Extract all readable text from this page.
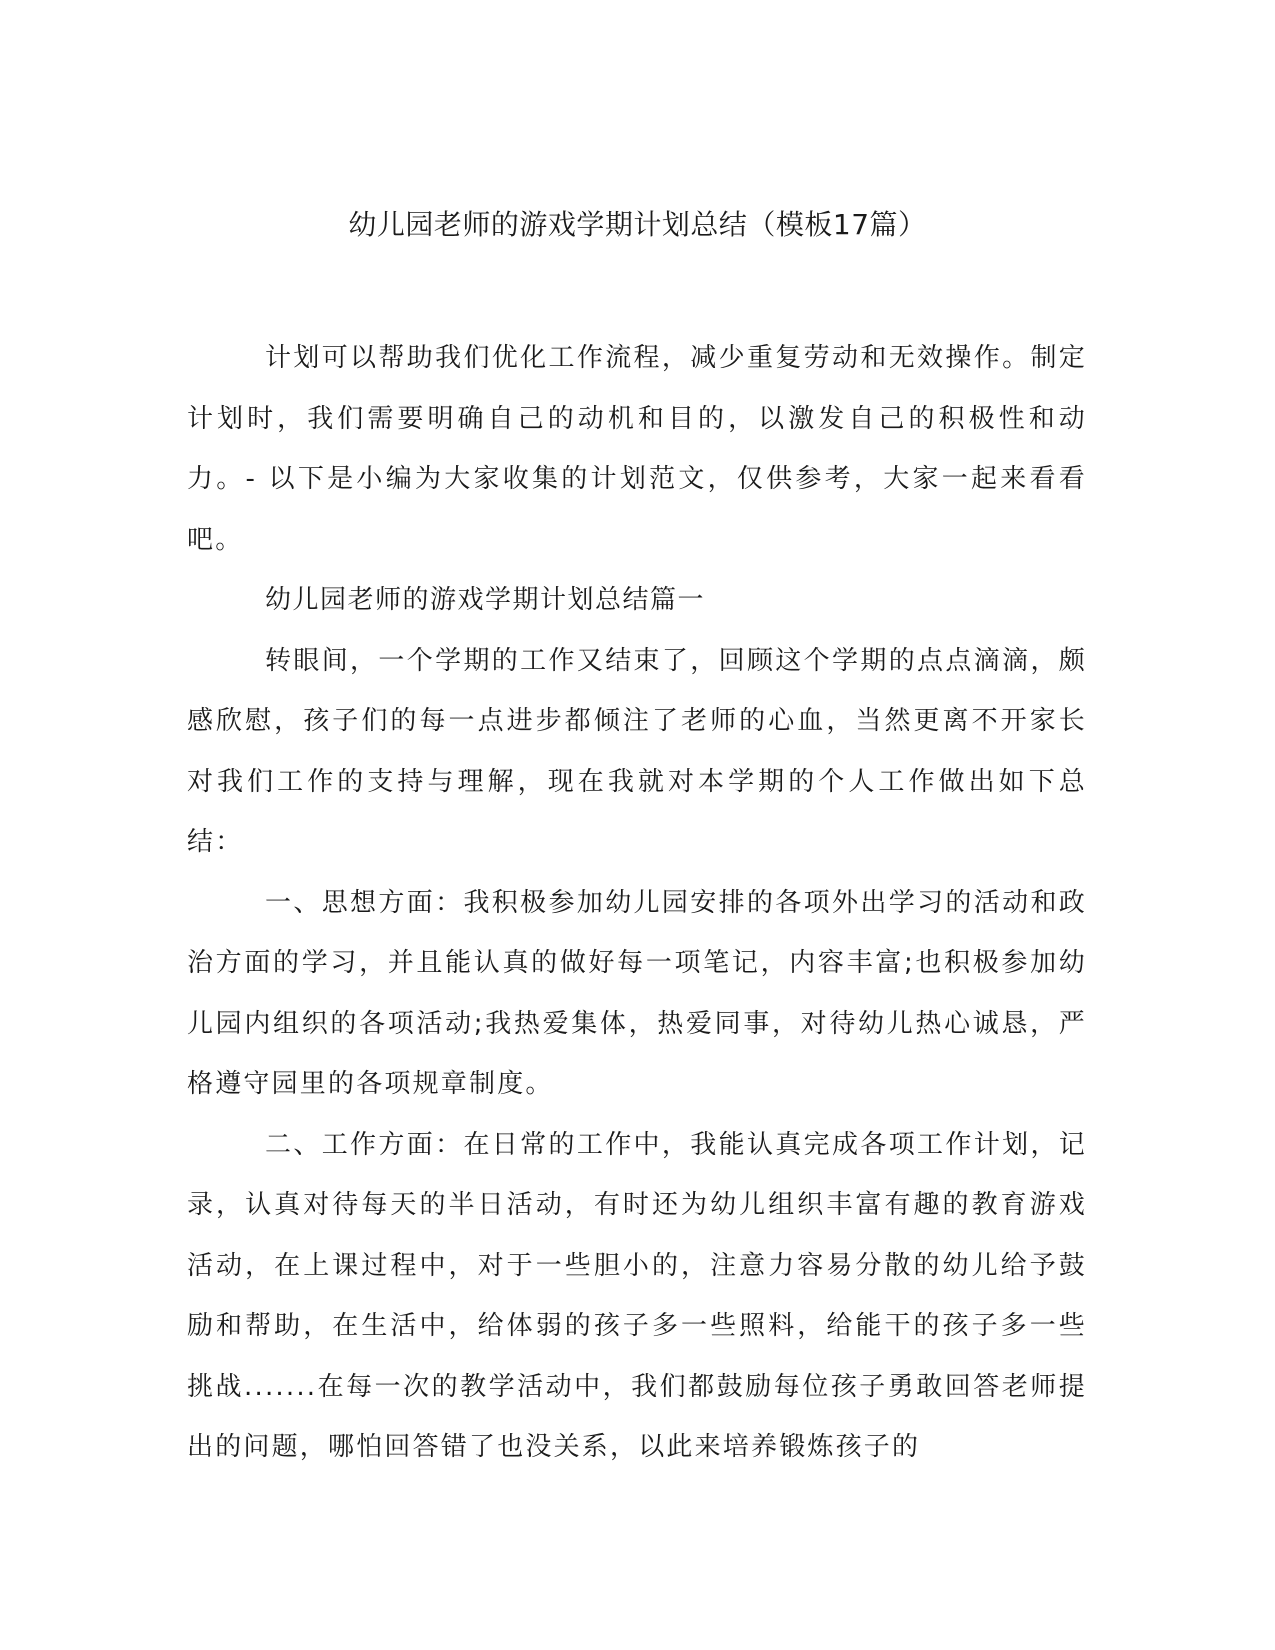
幼儿园老师的游戏学期计划总结（模板17篇）

计划可以帮助我们优化工作流程，减少重复劳动和无效操作。制定计划时，我们需要明确自己的动机和目的，以激发自己的积极性和动力。- 以下是小编为大家收集的计划范文，仅供参考，大家一起来看看吧。

幼儿园老师的游戏学期计划总结篇一

转眼间，一个学期的工作又结束了，回顾这个学期的点点滴滴，颇感欣慰，孩子们的每一点进步都倾注了老师的心血，当然更离不开家长对我们工作的支持与理解，现在我就对本学期的个人工作做出如下总结：

一、思想方面：我积极参加幼儿园安排的各项外出学习的活动和政治方面的学习，并且能认真的做好每一项笔记，内容丰富;也积极参加幼儿园内组织的各项活动;我热爱集体，热爱同事，对待幼儿热心诚恳，严格遵守园里的各项规章制度。

二、工作方面：在日常的工作中，我能认真完成各项工作计划，记录，认真对待每天的半日活动，有时还为幼儿组织丰富有趣的教育游戏活动，在上课过程中，对于一些胆小的，注意力容易分散的幼儿给予鼓励和帮助，在生活中，给体弱的孩子多一些照料，给能干的孩子多一些挑战.......在每一次的教学活动中，我们都鼓励每位孩子勇敢回答老师提出的问题，哪怕回答错了也没关系，以此来培养锻炼孩子的
